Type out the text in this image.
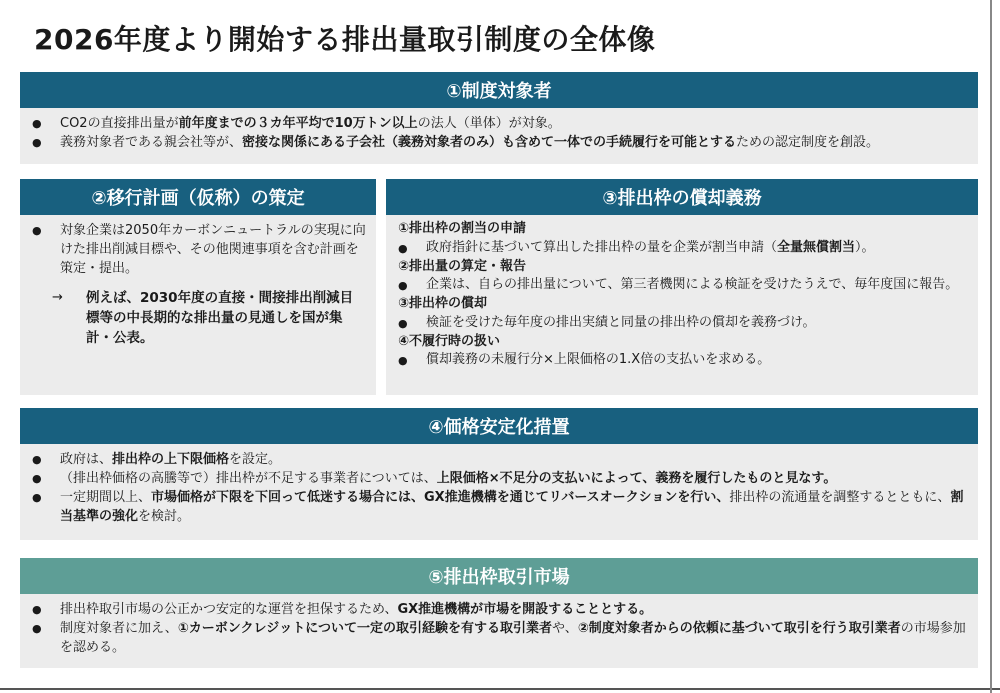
2026年度より開始する排出量取引制度の全体像
①制度対象者
●	CO2の直接排出量が前年度までの３カ年平均で10万トン以上の法人（単体）が対象。
●	義務対象者である親会社等が、密接な関係にある子会社（義務対象者のみ）も含めて一体での手続履行を可能とするための認定制度を創設。
②移行計画（仮称）の策定
●	対象企業は2050年カーボンニュートラルの実現に向けた排出削減目標や、その他関連事項を含む計画を策定・提出。
→	例えば、2030年度の直接・間接排出削減目標等の中長期的な排出量の見通しを国が集計・公表。
③排出枠の償却義務
①排出枠の割当の申請
●	政府指針に基づいて算出した排出枠の量を企業が割当申請（全量無償割当）。
②排出量の算定・報告
●	企業は、自らの排出量について、第三者機関による検証を受けたうえで、毎年度国に報告。
③排出枠の償却
●	検証を受けた毎年度の排出実績と同量の排出枠の償却を義務づけ。
④不履行時の扱い
●	償却義務の未履行分×上限価格の1.X倍の支払いを求める。
④価格安定化措置
●	政府は、排出枠の上下限価格を設定。
●	（排出枠価格の高騰等で）排出枠が不足する事業者については、上限価格×不足分の支払いによって、義務を履行したものと見なす。
●	一定期間以上、市場価格が下限を下回って低迷する場合には、GX推進機構を通じてリバースオークションを行い、排出枠の流通量を調整するとともに、割当基準の強化を検討。
⑤排出枠取引市場
●	排出枠取引市場の公正かつ安定的な運営を担保するため、GX推進機構が市場を開設することとする。
●	制度対象者に加え、①カーボンクレジットについて一定の取引経験を有する取引業者や、②制度対象者からの依頼に基づいて取引を行う取引業者の市場参加を認める。
